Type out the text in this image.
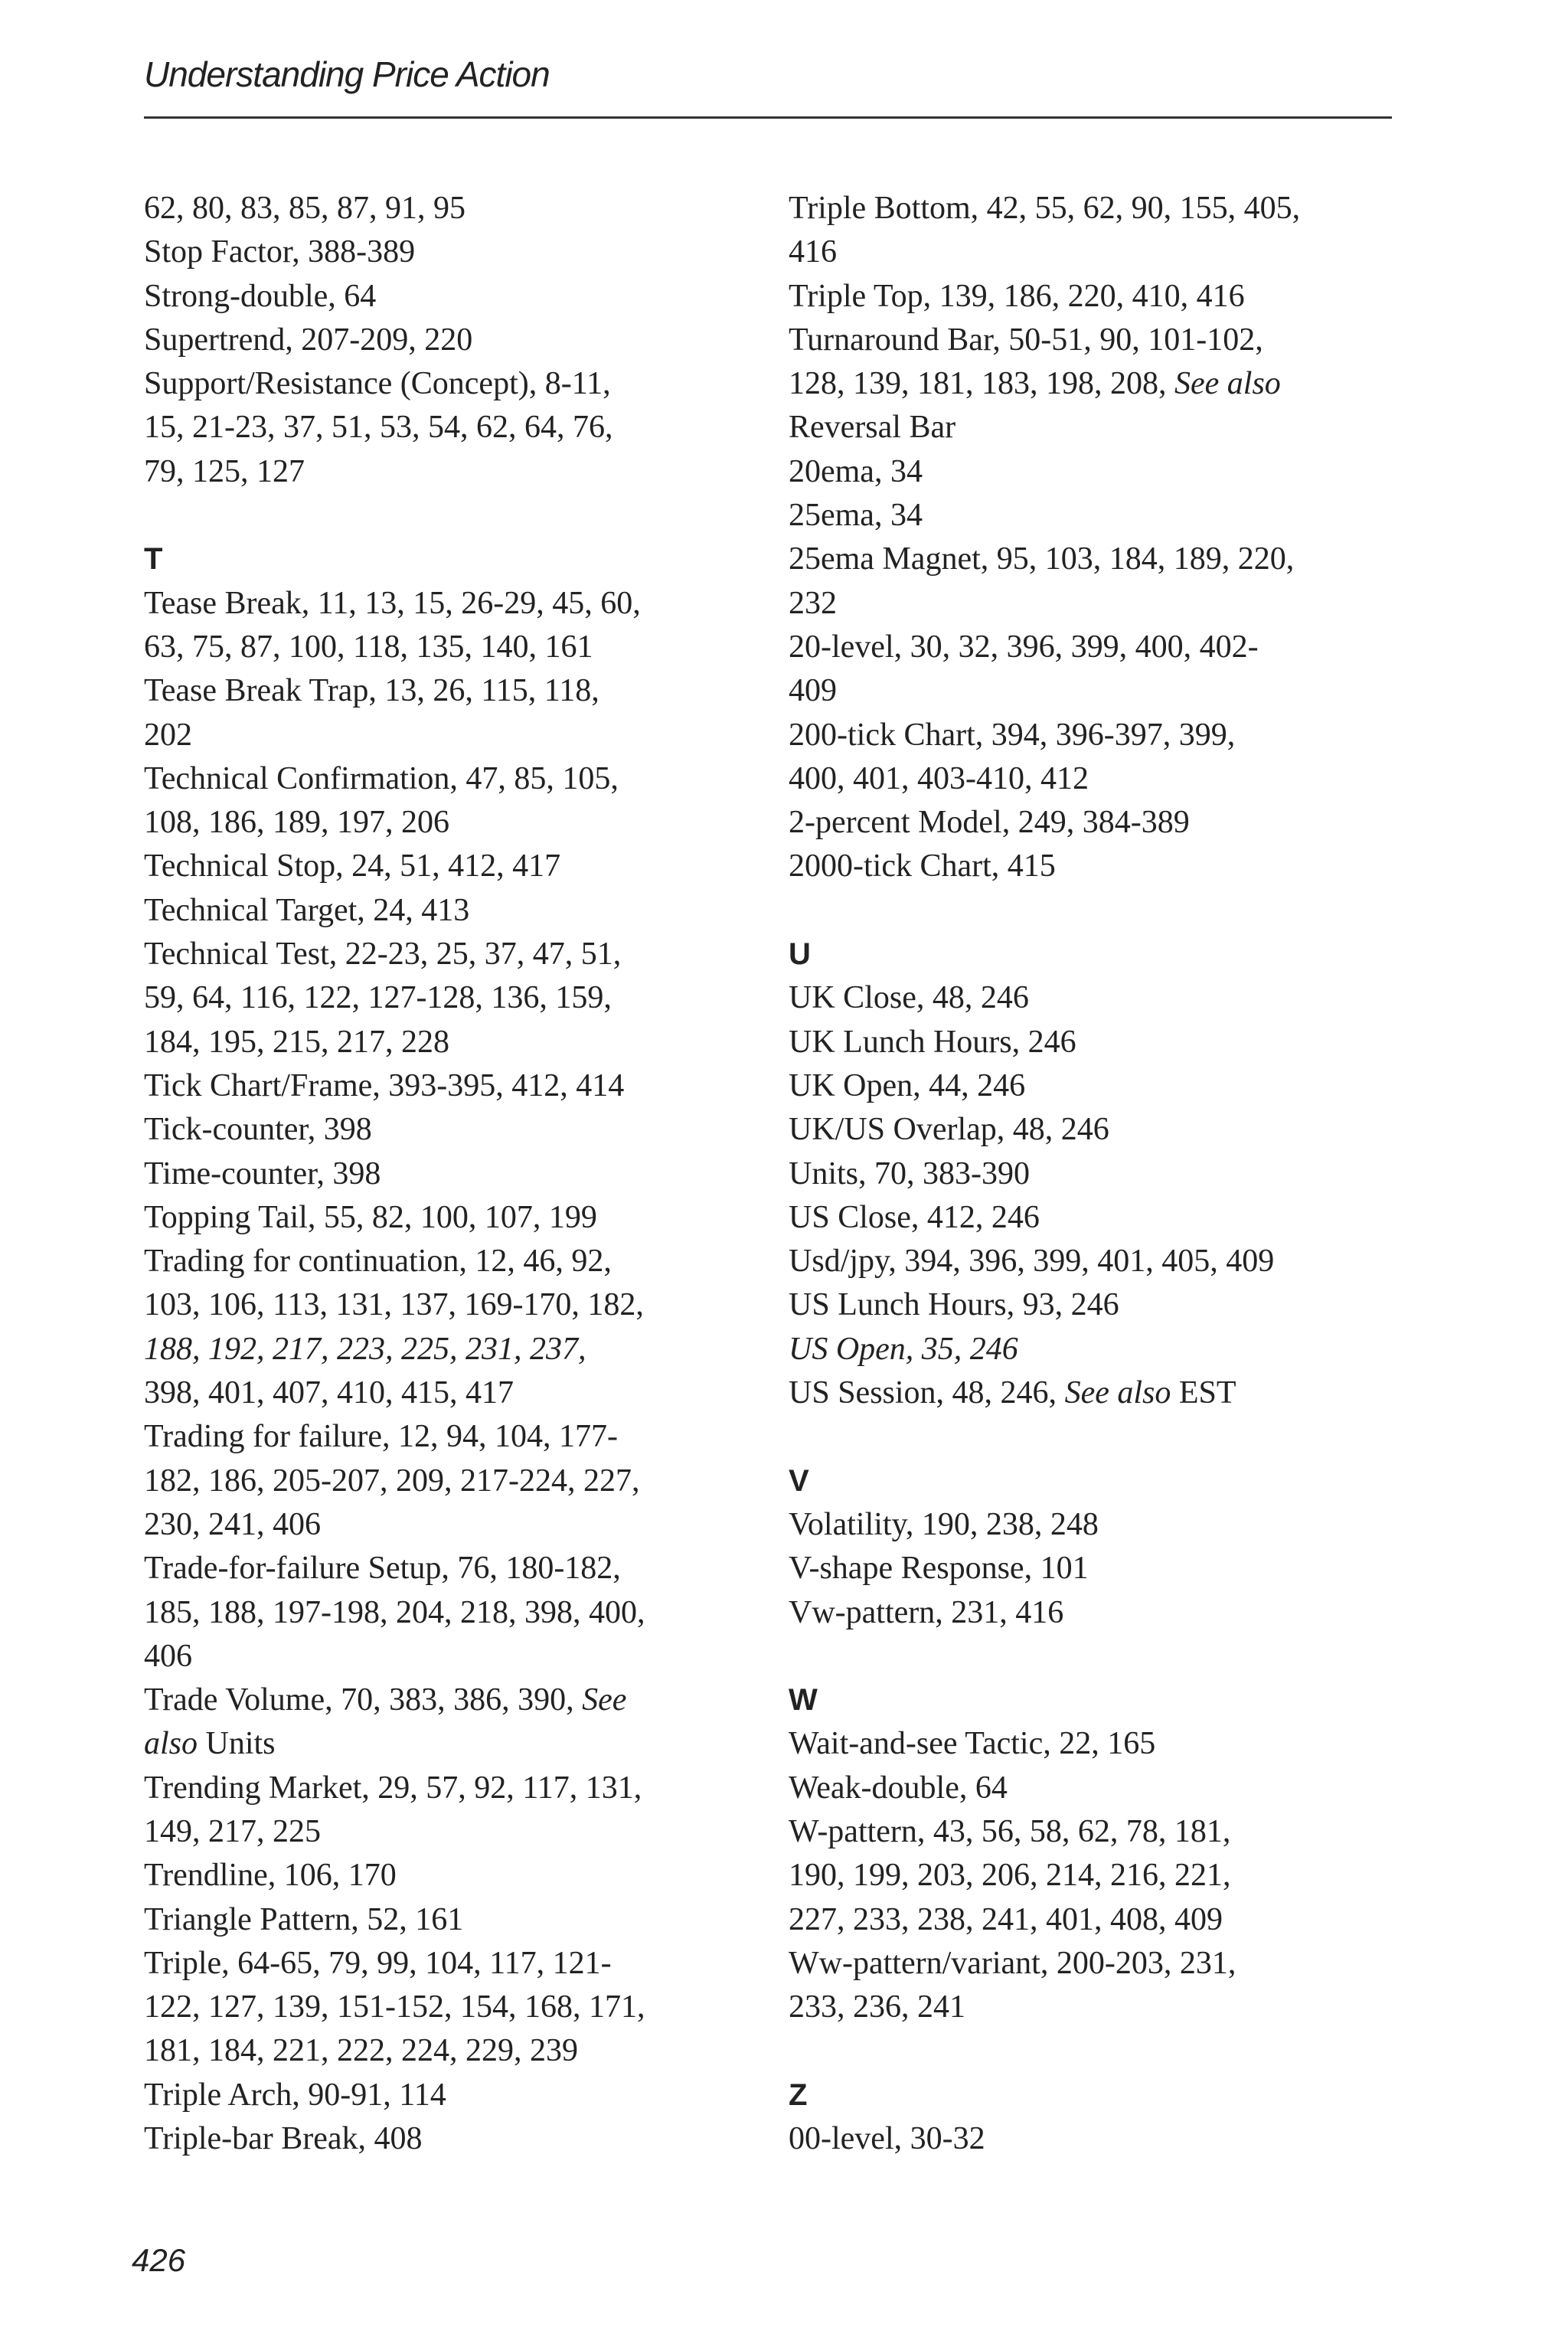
Understanding Price Action
62, 80, 83, 85, 87, 91, 95
Stop Factor, 388-389
Strong-double, 64
Supertrend, 207-209, 220
Support/Resistance (Concept), 8-11,
15, 21-23, 37, 51, 53, 54, 62, 64, 76,
79, 125, 127
T
Tease Break, 11, 13, 15, 26-29, 45, 60,
63, 75, 87, 100, 118, 135, 140, 161
Tease Break Trap, 13, 26, 115, 118,
202
Technical Confirmation, 47, 85, 105,
108, 186, 189, 197, 206
Technical Stop, 24, 51, 412, 417
Technical Target, 24, 413
Technical Test, 22-23, 25, 37, 47, 51,
59, 64, 116, 122, 127-128, 136, 159,
184, 195, 215, 217, 228
Tick Chart/Frame, 393-395, 412, 414
Tick-counter, 398
Time-counter, 398
Topping Tail, 55, 82, 100, 107, 199
Trading for continuation, 12, 46, 92,
103, 106, 113, 131, 137, 169-170, 182,
188, 192, 217, 223, 225, 231, 237,
398, 401, 407, 410, 415, 417
Trading for failure, 12, 94, 104, 177-
182, 186, 205-207, 209, 217-224, 227,
230, 241, 406
Trade-for-failure Setup, 76, 180-182,
185, 188, 197-198, 204, 218, 398, 400,
406
Trade Volume, 70, 383, 386, 390, See
also Units
Trending Market, 29, 57, 92, 117, 131,
149, 217, 225
Trendline, 106, 170
Triangle Pattern, 52, 161
Triple, 64-65, 79, 99, 104, 117, 121-
122, 127, 139, 151-152, 154, 168, 171,
181, 184, 221, 222, 224, 229, 239
Triple Arch, 90-91, 114
Triple-bar Break, 408
Triple Bottom, 42, 55, 62, 90, 155, 405,
416
Triple Top, 139, 186, 220, 410, 416
Turnaround Bar, 50-51, 90, 101-102,
128, 139, 181, 183, 198, 208, See also
Reversal Bar
20ema, 34
25ema, 34
25ema Magnet, 95, 103, 184, 189, 220,
232
20-level, 30, 32, 396, 399, 400, 402-
409
200-tick Chart, 394, 396-397, 399,
400, 401, 403-410, 412
2-percent Model, 249, 384-389
2000-tick Chart, 415
U
UK Close, 48, 246
UK Lunch Hours, 246
UK Open, 44, 246
UK/US Overlap, 48, 246
Units, 70, 383-390
US Close, 412, 246
Usd/jpy, 394, 396, 399, 401, 405, 409
US Lunch Hours, 93, 246
US Open, 35, 246
US Session, 48, 246, See also EST
V
Volatility, 190, 238, 248
V-shape Response, 101
Vw-pattern, 231, 416
W
Wait-and-see Tactic, 22, 165
Weak-double, 64
W-pattern, 43, 56, 58, 62, 78, 181,
190, 199, 203, 206, 214, 216, 221,
227, 233, 238, 241, 401, 408, 409
Ww-pattern/variant, 200-203, 231,
233, 236, 241
Z
00-level, 30-32
426
